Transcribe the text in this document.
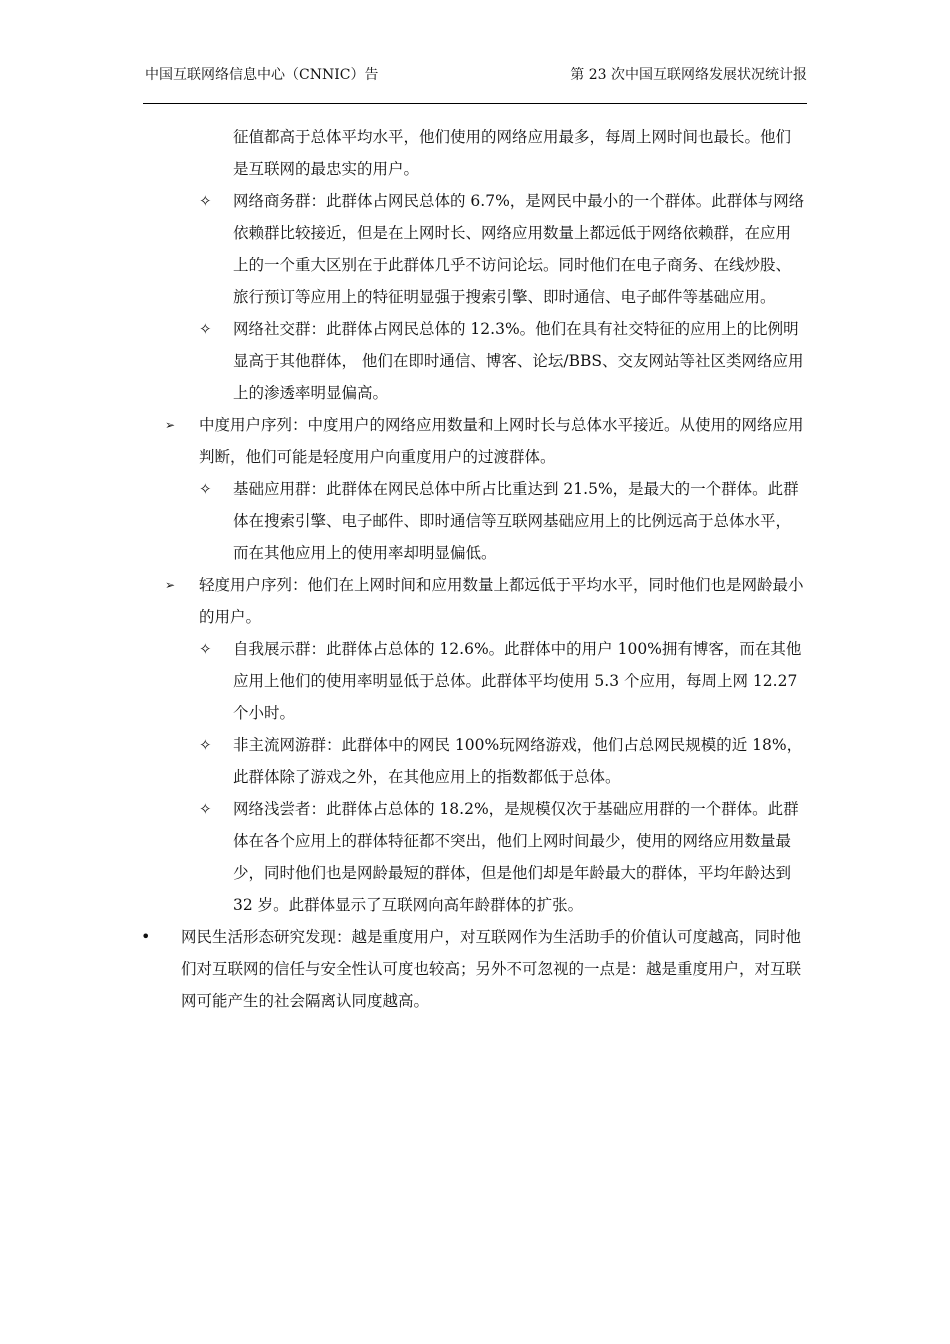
中国互联网络信息中心（CNNIC）告	第 23 次中国互联网络发展状况统计报
征值都高于总体平均水平，他们使用的网络应用最多，每周上网时间也最长。他们是互联网的最忠实的用户。
✧ 网络商务群：此群体占网民总体的 6.7%，是网民中最小的一个群体。此群体与网络依赖群比较接近，但是在上网时长、网络应用数量上都远低于网络依赖群，在应用上的一个重大区别在于此群体几乎不访问论坛。同时他们在电子商务、在线炒股、旅行预订等应用上的特征明显强于搜索引擎、即时通信、电子邮件等基础应用。
✧ 网络社交群：此群体占网民总体的 12.3%。他们在具有社交特征的应用上的比例明显高于其他群体， 他们在即时通信、博客、论坛/BBS、交友网站等社区类网络应用上的渗透率明显偏高。
➢ 中度用户序列：中度用户的网络应用数量和上网时长与总体水平接近。从使用的网络应用判断，他们可能是轻度用户向重度用户的过渡群体。
✧ 基础应用群：此群体在网民总体中所占比重达到 21.5%，是最大的一个群体。此群体在搜索引擎、电子邮件、即时通信等互联网基础应用上的比例远高于总体水平，而在其他应用上的使用率却明显偏低。
➢ 轻度用户序列：他们在上网时间和应用数量上都远低于平均水平，同时他们也是网龄最小的用户。
✧ 自我展示群：此群体占总体的 12.6%。此群体中的用户 100%拥有博客，而在其他应用上他们的使用率明显低于总体。此群体平均使用 5.3 个应用，每周上网 12.27 个小时。
✧ 非主流网游群：此群体中的网民 100%玩网络游戏，他们占总网民规模的近 18%，此群体除了游戏之外，在其他应用上的指数都低于总体。
✧ 网络浅尝者：此群体占总体的 18.2%，是规模仅次于基础应用群的一个群体。此群体在各个应用上的群体特征都不突出，他们上网时间最少，使用的网络应用数量最少，同时他们也是网龄最短的群体，但是他们却是年龄最大的群体，平均年龄达到 32 岁。此群体显示了互联网向高年龄群体的扩张。
• 网民生活形态研究发现：越是重度用户，对互联网作为生活助手的价值认可度越高，同时他们对互联网的信任与安全性认可度也较高；另外不可忽视的一点是：越是重度用户，对互联网可能产生的社会隔离认同度越高。
